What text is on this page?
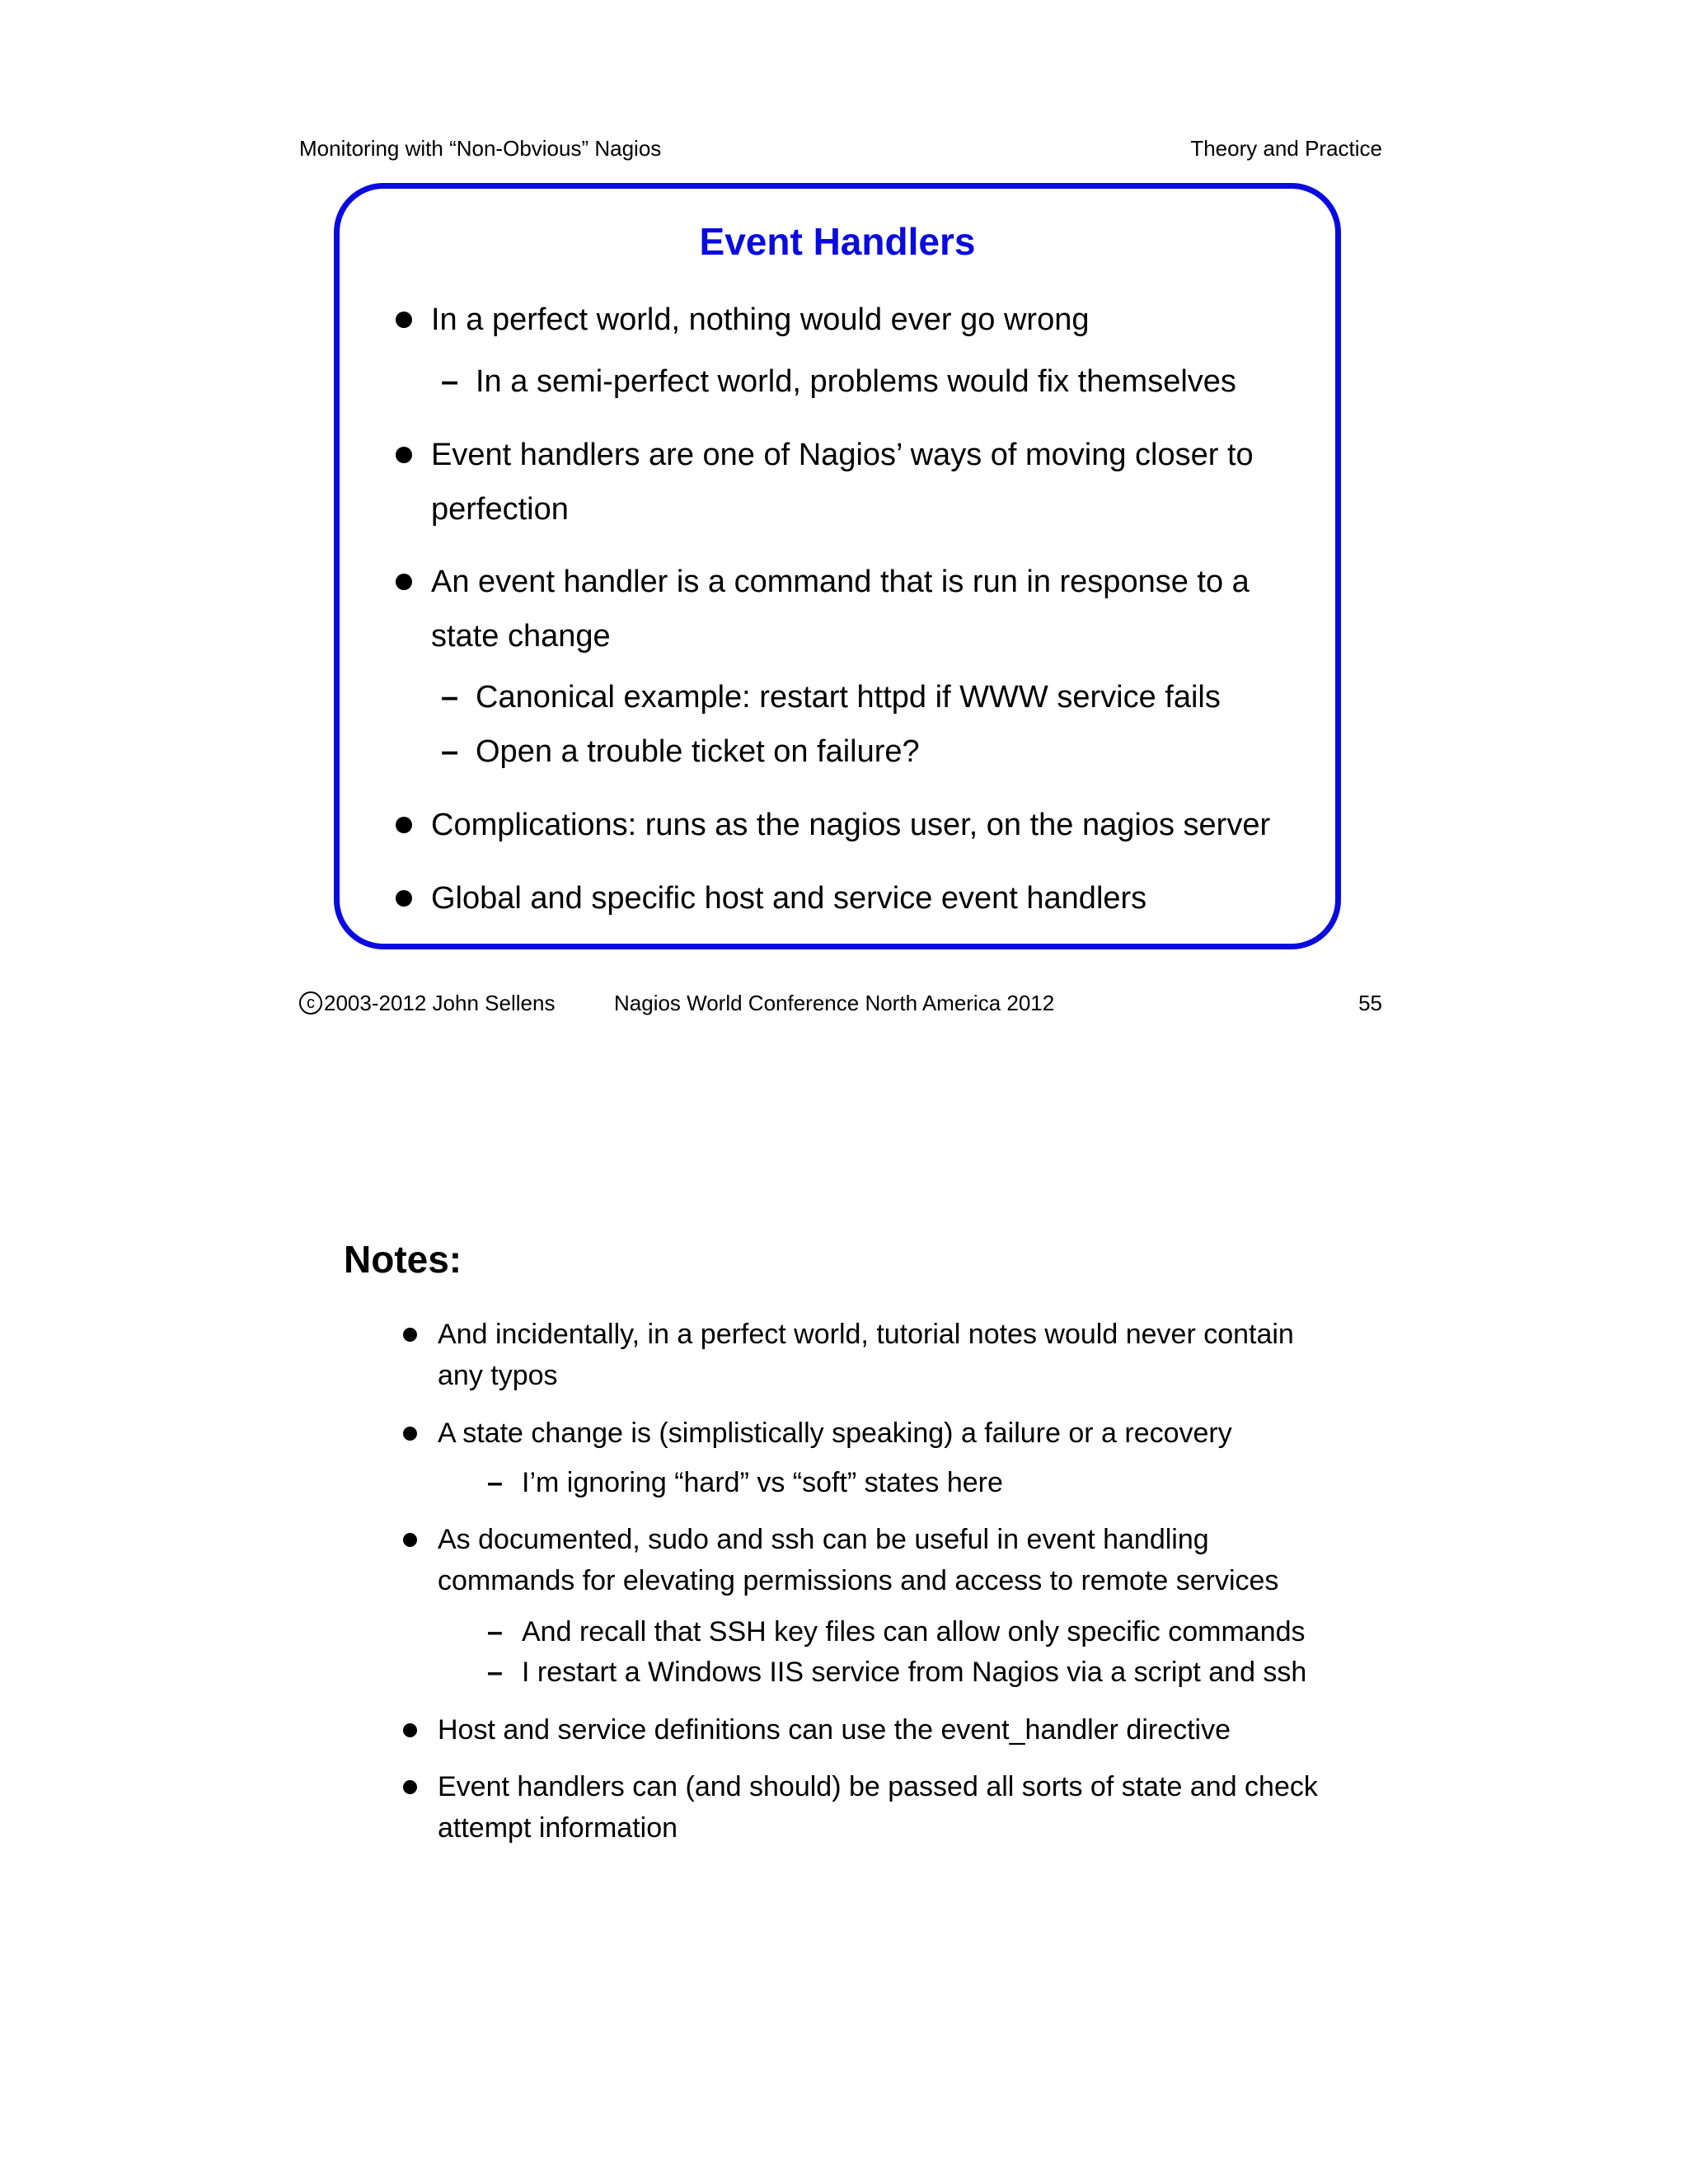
Monitoring with “Non-Obvious” Nagios	Theory and Practice
Event Handlers
In a perfect world, nothing would ever go wrong
– In a semi-perfect world, problems would fix themselves
Event handlers are one of Nagios’ ways of moving closer to
perfection
An event handler is a command that is run in response to a
state change
– Canonical example: restart httpd if WWW service fails
– Open a trouble ticket on failure?
Complications: runs as the nagios user, on the nagios server
Global and specific host and service event handlers
c 2003-2012 John Sellens	Nagios World Conference North America 2012	55
Notes:
And incidentally, in a perfect world, tutorial notes would never contain any typos
A state change is (simplistically speaking) a failure or a recovery
– I’m ignoring “hard” vs “soft” states here
As documented, sudo and ssh can be useful in event handling commands for elevating permissions and access to remote services
– And recall that SSH key files can allow only specific commands
– I restart a Windows IIS service from Nagios via a script and ssh
Host and service definitions can use the event_handler directive
Event handlers can (and should) be passed all sorts of state and check attempt information
